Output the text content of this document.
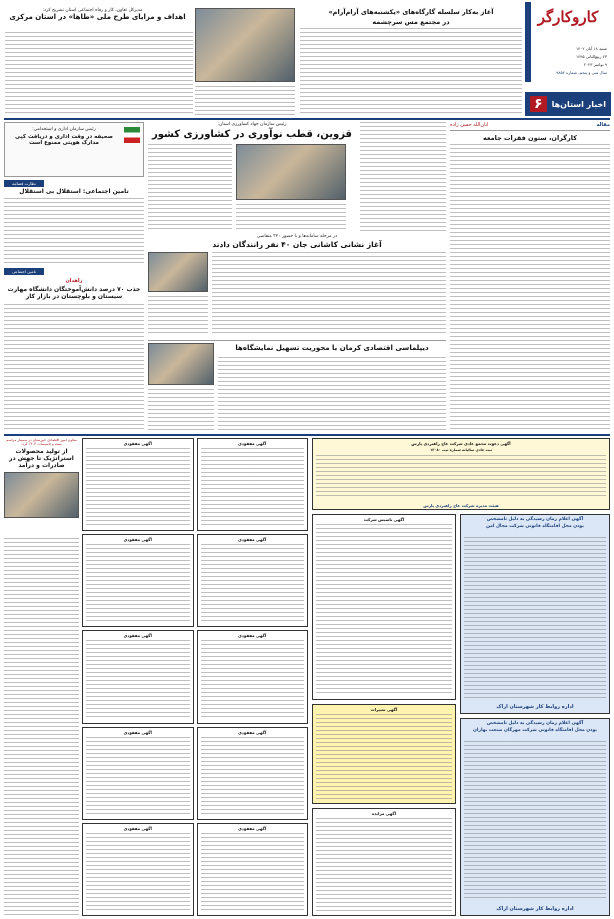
کاروکارگر
شنبه ۱۸ آبان ۱۴۰۲
۲۳ ربیع‌الثانی ۱۴۴۵
۹ نوامبر ۲۰۲۳
سال سی و پنجم، شماره ۹۸۵۴
اخبار استان‌ها
۶
آغاز به‌کار سلسله گارگاه‌های «یکشنبه‌های آرام‌آرام»
در مجتمع مس سرچشمه
مدیرکل تعاون، کار و رفاه اجتماعی استان تشریح کرد:
اهداف و مزایای طرح ملی «طاها» در استان مرکزی
مقاله
ابان‌الله حسن زاده
کارگران، ستون فقرات جامعه
رئیس سازمان جهاد کشاورزی استان:
قزوین، قطب نوآوری در کشاورزی کشور
در مرحله سامانه‌ها و با حضور ۳۲۰ متقاضی
آغاز نشانی کاشانی جان ۴۰ نفر رانندگان دادند
دیپلماسی اقتصادی کرمان با محوریت تسهیل نمایشگاه‌ها
رئیس سازمان اداری و استخدامی:
صحیفه در وقت اداری و دریافت کپی مدارک هویتی ممنوع است
نظارت قضائیه
تامین اجتماعی: استقلال بی استقلال
تامین اجتماعی
زاهدان
جذب ۷۰ درصد دانش‌آموختگان دانشگاه مهارت سیستان و بلوچستان در بازار کار
آگهی دعوت مجمع عادی شرکت عاج راهبردی پارس
ثبت عادی سالیانه شماره ثبت ۱۲۰۸۰
هیئت مدیره شرکت عاج راهبردی پارس
آگهی اعلام زمان رسیدگی به دلیل نامشخص
بودن محل اقامتگاه قانونی شرکت مجال امن
اداره روابط کار شهرستان اراک
آگهی اعلام زمان رسیدگی به دلیل نامشخص
بودن محل اقامتگاه قانونی شرکت مهرگان صنعت بهاران
اداره روابط کار شهرستان اراک
آگهی تاسیس شرکت
آگهی تغییرات
آگهی مزایده
آگهی مفقودی
آگهی مفقودی
آگهی مفقودی
آگهی مفقودی
آگهی مفقودی
آگهی مفقودی
آگهی مفقودی
آگهی مفقودی
آگهی مفقودی
آگهی مفقودی
معاون امور اقتصادی خوزستان در سمینار مراسم بسته و تاسیسات ۱۴۰۳ کرد:
از تولید محصولات استراتژیک تا جهش در صادرات و درآمد
